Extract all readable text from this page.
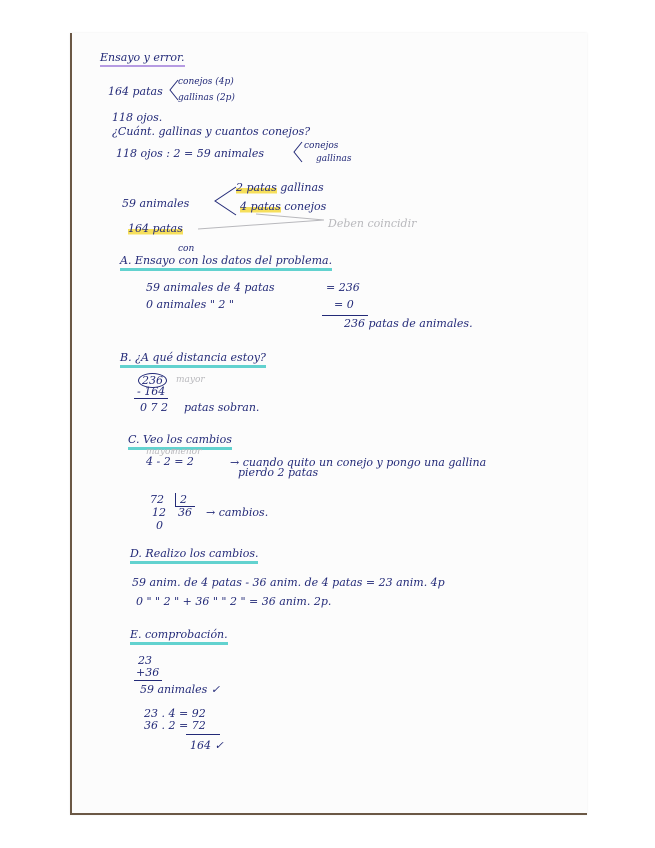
Ensayo y error.
164 patas
conejos (4p)
gallinas (2p)
118 ojos.
¿Cuánt. gallinas y cuantos conejos?
118 ojos : 2 = 59 animales
conejos
gallinas
59 animales
2 patas gallinas
4 patas conejos
164 patas	Deben coincidir
con
A. Ensayo con los datos del problema.
59 animales de 4 patas	= 236
0 animales " 2 "	= 0
236 patas de animales.
B. ¿A qué distancia estoy?
236	mayor
- 164
0 7 2 patas sobran.
C. Veo los cambios
mayor
menor
4 - 2 = 2	→ cuando quito un conejo y pongo una gallina
pierdo 2 patas
72 2
12 36 → cambios.
0
D. Realizo los cambios.
59 anim. de 4 patas - 36 anim. de 4 patas = 23 anim. 4p
0 " " 2 " + 36 " " 2 " = 36 anim. 2p.
E. comprobación.
23
+36
59 animales ✓
23 . 4 = 92
36 . 2 = 72
164 ✓
